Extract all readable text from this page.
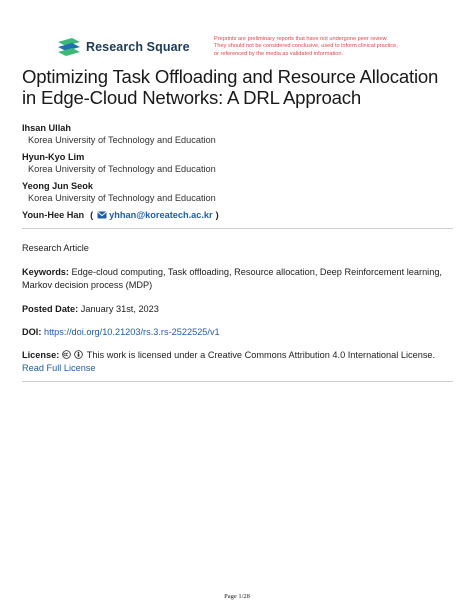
Research Square
Preprints are preliminary reports that have not undergone peer review.
They should not be considered conclusive, used to inform clinical practice,
or referenced by the media as validated information.
Optimizing Task Offloading and Resource Allocation
in Edge-Cloud Networks: A DRL Approach
Ihsan Ullah
Korea University of Technology and Education
Hyun-Kyo Lim
Korea University of Technology and Education
Yeong Jun Seok
Korea University of Technology and Education
Youn-Hee Han ( yhhan@koreatech.ac.kr )
Research Article
Keywords: Edge-cloud computing, Task offloading, Resource allocation, Deep Reinforcement learning,
Markov decision process (MDP)
Posted Date: January 31st, 2023
DOI: https://doi.org/10.21203/rs.3.rs-2522525/v1
License:	This work is licensed under a Creative Commons Attribution 4.0 International License.
Read Full License
Page 1/28
